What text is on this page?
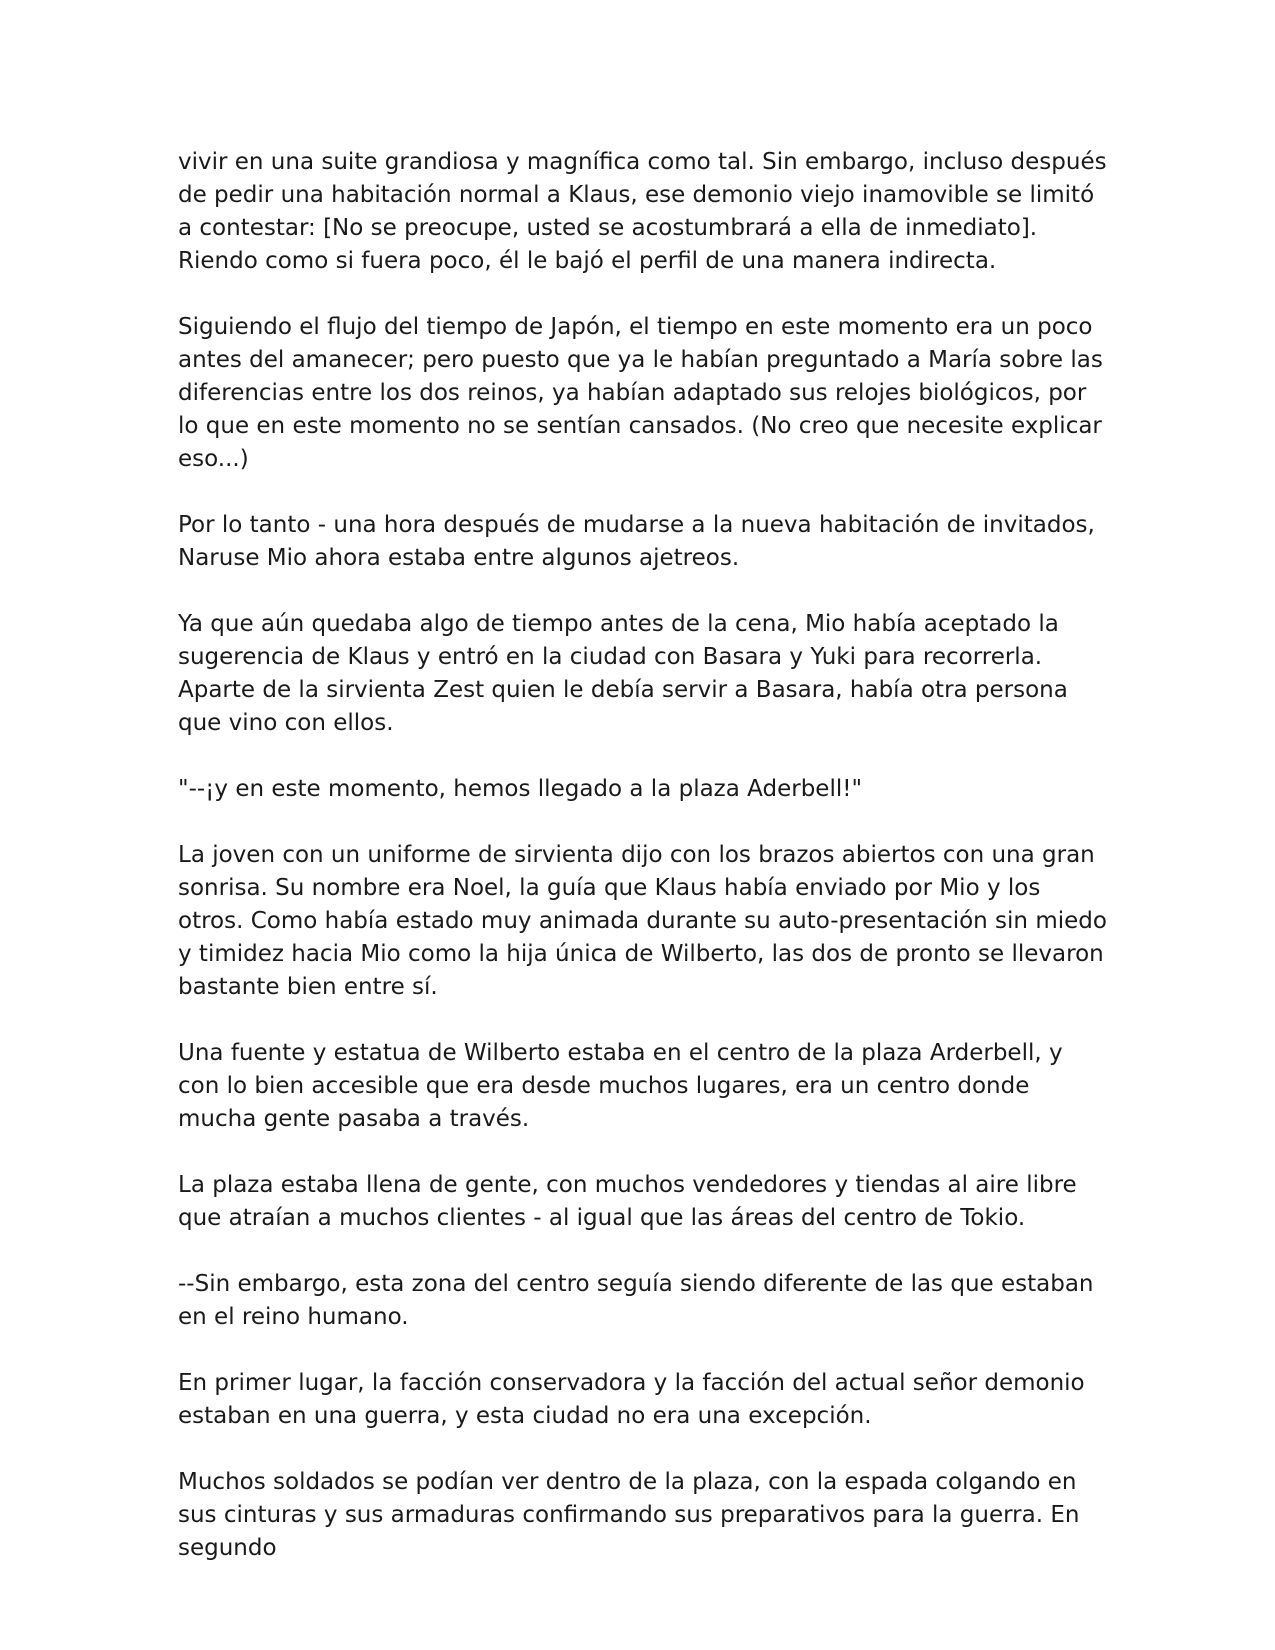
vivir en una suite grandiosa y magnífica como tal. Sin embargo, incluso después de pedir una habitación normal a Klaus, ese demonio viejo inamovible se limitó a contestar: [No se preocupe, usted se acostumbrará a ella de inmediato]. Riendo como si fuera poco, él le bajó el perfil de una manera indirecta.

Siguiendo el flujo del tiempo de Japón, el tiempo en este momento era un poco antes del amanecer; pero puesto que ya le habían preguntado a María sobre las diferencias entre los dos reinos, ya habían adaptado sus relojes biológicos, por lo que en este momento no se sentían cansados. (No creo que necesite explicar eso...)

Por lo tanto - una hora después de mudarse a la nueva habitación de invitados, Naruse Mio ahora estaba entre algunos ajetreos.

Ya que aún quedaba algo de tiempo antes de la cena, Mio había aceptado la sugerencia de Klaus y entró en la ciudad con Basara y Yuki para recorrerla. Aparte de la sirvienta Zest quien le debía servir a Basara, había otra persona que vino con ellos.

"--¡y en este momento, hemos llegado a la plaza Aderbell!"

La joven con un uniforme de sirvienta dijo con los brazos abiertos con una gran sonrisa. Su nombre era Noel, la guía que Klaus había enviado por Mio y los otros. Como había estado muy animada durante su auto-presentación sin miedo y timidez hacia Mio como la hija única de Wilberto, las dos de pronto se llevaron bastante bien entre sí.

Una fuente y estatua de Wilberto estaba en el centro de la plaza Arderbell, y con lo bien accesible que era desde muchos lugares, era un centro donde mucha gente pasaba a través.

La plaza estaba llena de gente, con muchos vendedores y tiendas al aire libre que atraían a muchos clientes - al igual que las áreas del centro de Tokio.

--Sin embargo, esta zona del centro seguía siendo diferente de las que estaban en el reino humano.

En primer lugar, la facción conservadora y la facción del actual señor demonio estaban en una guerra, y esta ciudad no era una excepción.

Muchos soldados se podían ver dentro de la plaza, con la espada colgando en sus cinturas y sus armaduras confirmando sus preparativos para la guerra. En segundo
